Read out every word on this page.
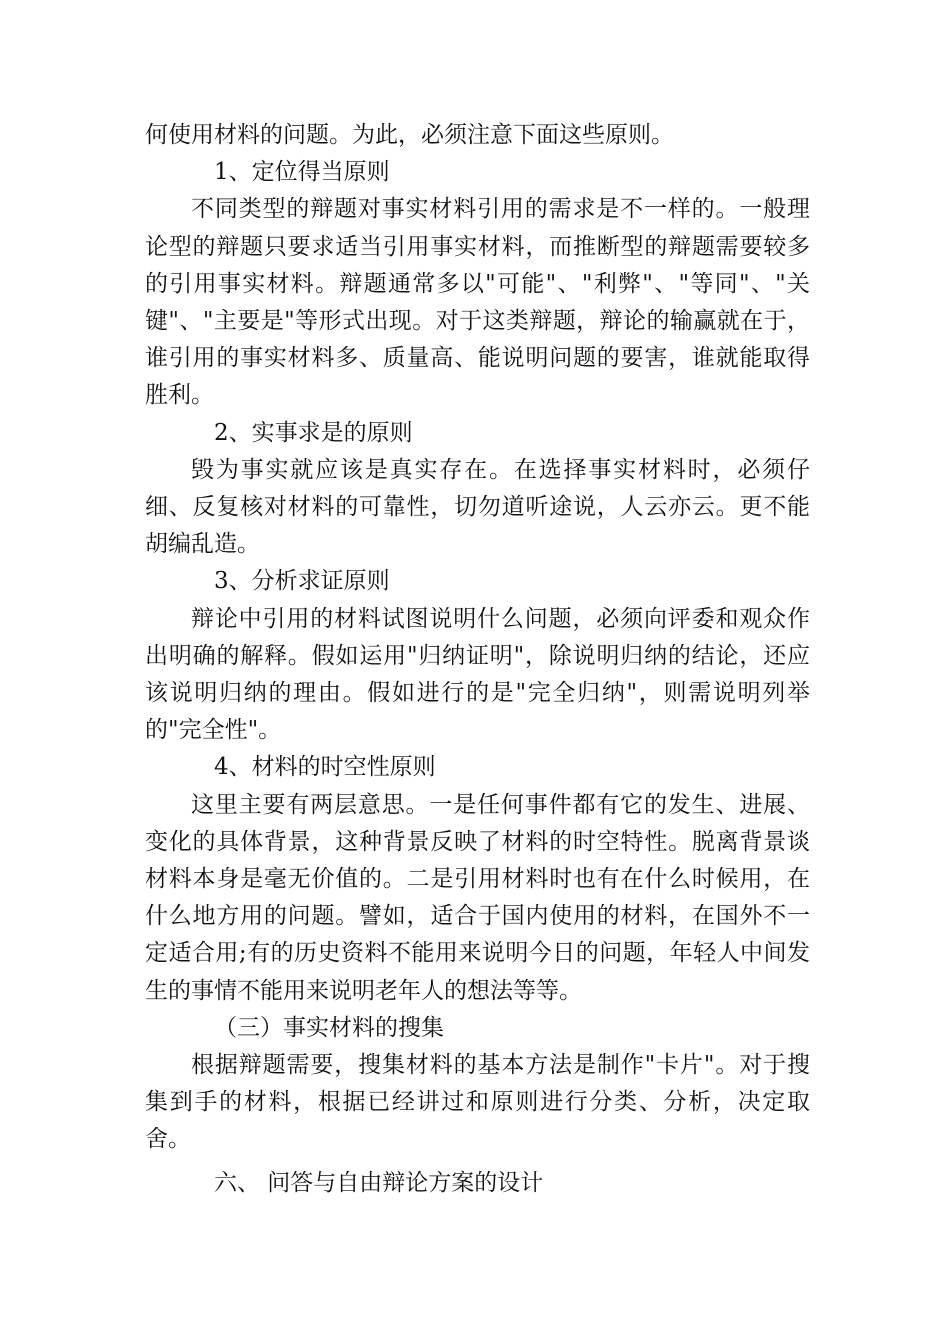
何使用材料的问题。为此，必须注意下面这些原则。

1、定位得当原则

不同类型的辩题对事实材料引用的需求是不一样的。一般理论型的辩题只要求适当引用事实材料，而推断型的辩题需要较多的引用事实材料。辩题通常多以"可能"、"利弊"、"等同"、"关键"、"主要是"等形式出现。对于这类辩题，辩论的输赢就在于，谁引用的事实材料多、质量高、能说明问题的要害，谁就能取得胜利。

2、实事求是的原则

毁为事实就应该是真实存在。在选择事实材料时，必须仔细、反复核对材料的可靠性，切勿道听途说，人云亦云。更不能胡编乱造。

3、分析求证原则

辩论中引用的材料试图说明什么问题，必须向评委和观众作出明确的解释。假如运用"归纳证明"，除说明归纳的结论，还应该说明归纳的理由。假如进行的是"完全归纳"，则需说明列举的"完全性"。

4、材料的时空性原则

这里主要有两层意思。一是任何事件都有它的发生、进展、变化的具体背景，这种背景反映了材料的时空特性。脱离背景谈材料本身是毫无价值的。二是引用材料时也有在什么时候用，在什么地方用的问题。譬如，适合于国内使用的材料，在国外不一定适合用;有的历史资料不能用来说明今日的问题，年轻人中间发生的事情不能用来说明老年人的想法等等。

（三）事实材料的搜集

根据辩题需要，搜集材料的基本方法是制作"卡片"。对于搜集到手的材料，根据已经讲过和原则进行分类、分析，决定取舍。

六、 问答与自由辩论方案的设计
